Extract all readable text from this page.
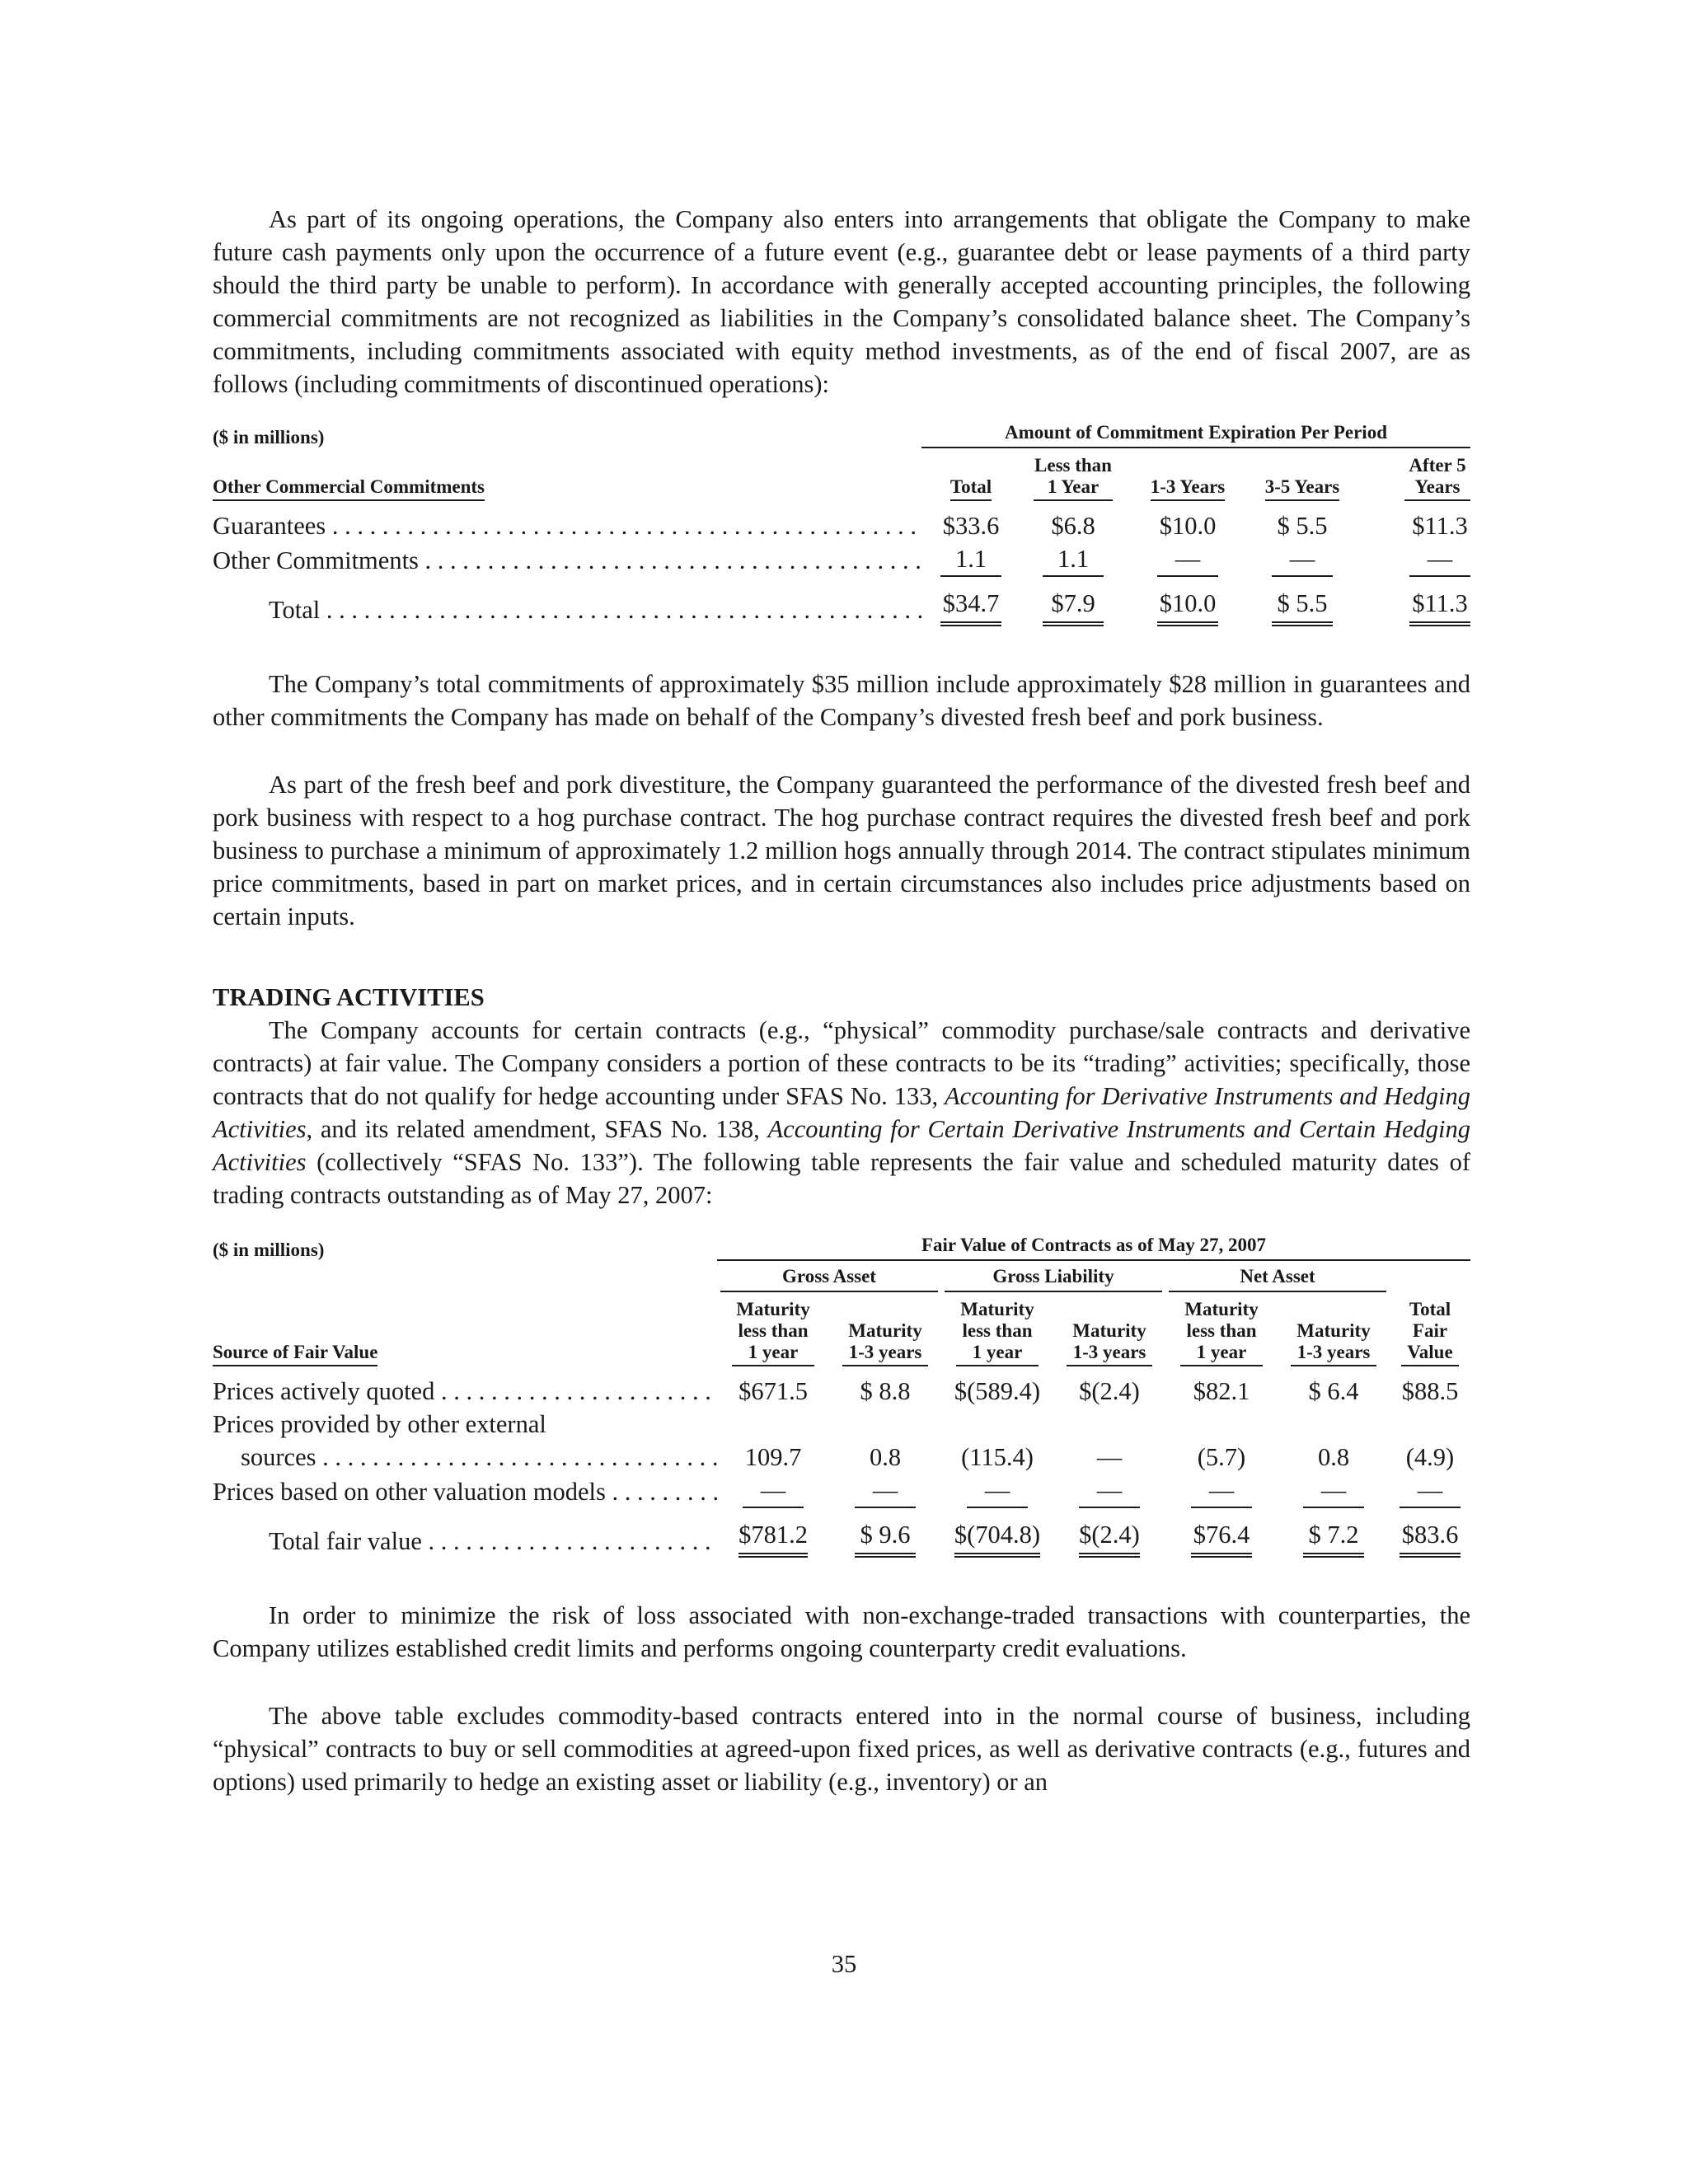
As part of its ongoing operations, the Company also enters into arrangements that obligate the Company to make future cash payments only upon the occurrence of a future event (e.g., guarantee debt or lease payments of a third party should the third party be unable to perform). In accordance with generally accepted accounting principles, the following commercial commitments are not recognized as liabilities in the Company’s consolidated balance sheet. The Company’s commitments, including commitments associated with equity method investments, as of the end of fiscal 2007, are as follows (including commitments of discontinued operations):

($ in millions)	Amount of Commitment Expiration Per Period				

Other Commercial Commitments	Total	Less than 1 Year	1-3 Years	3-5 Years	After 5 Years

Guarantees . . .	$33.6	$6.8	$10.0	$ 5.5	$11.3
Other Commitments . . .	1.1	1.1	—	—	—

Total . . .	$34.7	$7.9	$10.0	$ 5.5	$11.3

The Company’s total commitments of approximately $35 million include approximately $28 million in guarantees and other commitments the Company has made on behalf of the Company’s divested fresh beef and pork business.

As part of the fresh beef and pork divestiture, the Company guaranteed the performance of the divested fresh beef and pork business with respect to a hog purchase contract. The hog purchase contract requires the divested fresh beef and pork business to purchase a minimum of approximately 1.2 million hogs annually through 2014. The contract stipulates minimum price commitments, based in part on market prices, and in certain circumstances also includes price adjustments based on certain inputs.

TRADING ACTIVITIES

The Company accounts for certain contracts (e.g., “physical” commodity purchase/sale contracts and derivative contracts) at fair value. The Company considers a portion of these contracts to be its “trading” activities; specifically, those contracts that do not qualify for hedge accounting under SFAS No. 133, Accounting for Derivative Instruments and Hedging Activities, and its related amendment, SFAS No. 138, Accounting for Certain Derivative Instruments and Certain Hedging Activities (collectively “SFAS No. 133”). The following table represents the fair value and scheduled maturity dates of trading contracts outstanding as of May 27, 2007:

($ in millions)	Fair Value of Contracts as of May 27, 2007						

	Gross Asset		Gross Liability		Net Asset		

Source of Fair Value	Maturity less than 1 year	Maturity 1-3 years	Maturity less than 1 year	Maturity 1-3 years	Maturity less than 1 year	Maturity 1-3 years	Total Fair Value

Prices actively quoted . . .	$671.5	$ 8.8	$(589.4)	$(2.4)	$82.1	$ 6.4	$88.5
Prices provided by other external							
sources . . .	109.7	0.8	(115.4)	—	(5.7)	0.8	(4.9)
Prices based on other valuation models . . .	—	—	—	—	—	—	—

Total fair value . . .	$781.2	$ 9.6	$(704.8)	$(2.4)	$76.4	$ 7.2	$83.6

In order to minimize the risk of loss associated with non-exchange-traded transactions with counterparties, the Company utilizes established credit limits and performs ongoing counterparty credit evaluations.

The above table excludes commodity-based contracts entered into in the normal course of business, including “physical” contracts to buy or sell commodities at agreed-upon fixed prices, as well as derivative contracts (e.g., futures and options) used primarily to hedge an existing asset or liability (e.g., inventory) or an

35
